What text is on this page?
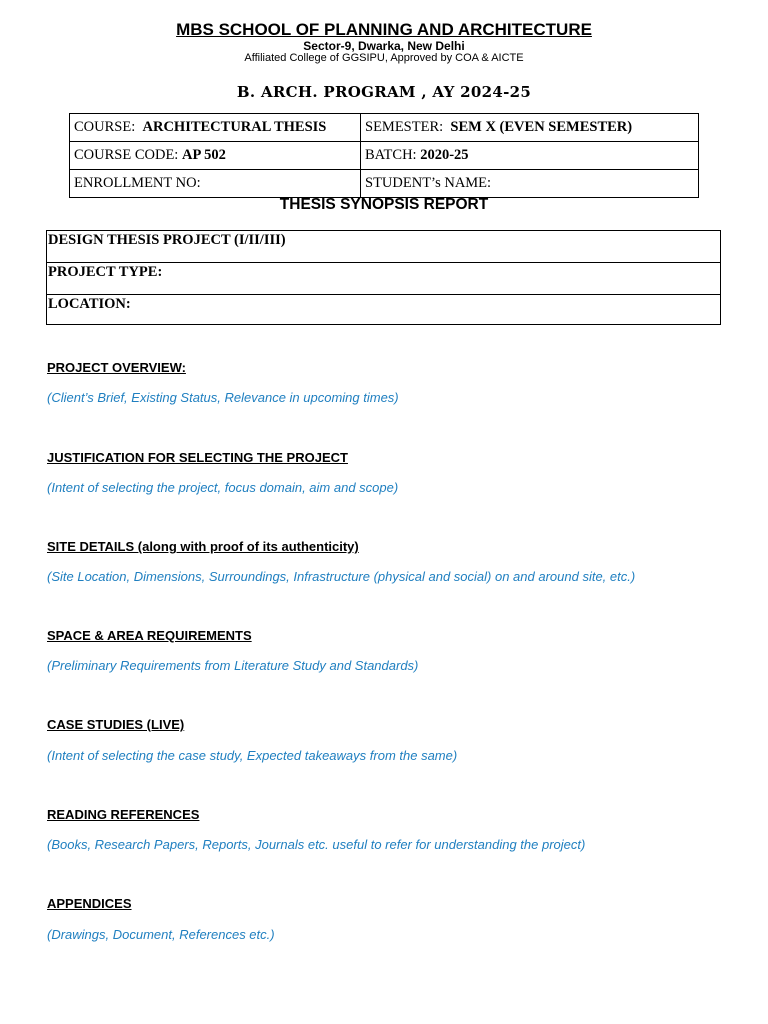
MBS SCHOOL OF PLANNING AND ARCHITECTURE
Sector-9, Dwarka, New Delhi
Affiliated College of GGSIPU, Approved by COA & AICTE
B. ARCH. PROGRAM , AY 2024-25
COURSE: ARCHITECTURAL THESIS	SEMESTER: SEM X (EVEN SEMESTER)
COURSE CODE: AP 502	BATCH: 2020-25
ENROLLMENT NO:	STUDENT’s NAME:
THESIS SYNOPSIS REPORT
DESIGN THESIS PROJECT (I/II/III)
PROJECT TYPE:
LOCATION:
PROJECT OVERVIEW:
(Client’s Brief, Existing Status, Relevance in upcoming times)
JUSTIFICATION FOR SELECTING THE PROJECT
(Intent of selecting the project, focus domain, aim and scope)
SITE DETAILS (along with proof of its authenticity)
(Site Location, Dimensions, Surroundings, Infrastructure (physical and social) on and around site, etc.)
SPACE & AREA REQUIREMENTS
(Preliminary Requirements from Literature Study and Standards)
CASE STUDIES (LIVE)
(Intent of selecting the case study, Expected takeaways from the same)
READING REFERENCES
(Books, Research Papers, Reports, Journals etc. useful to refer for understanding the project)
APPENDICES
(Drawings, Document, References etc.)
